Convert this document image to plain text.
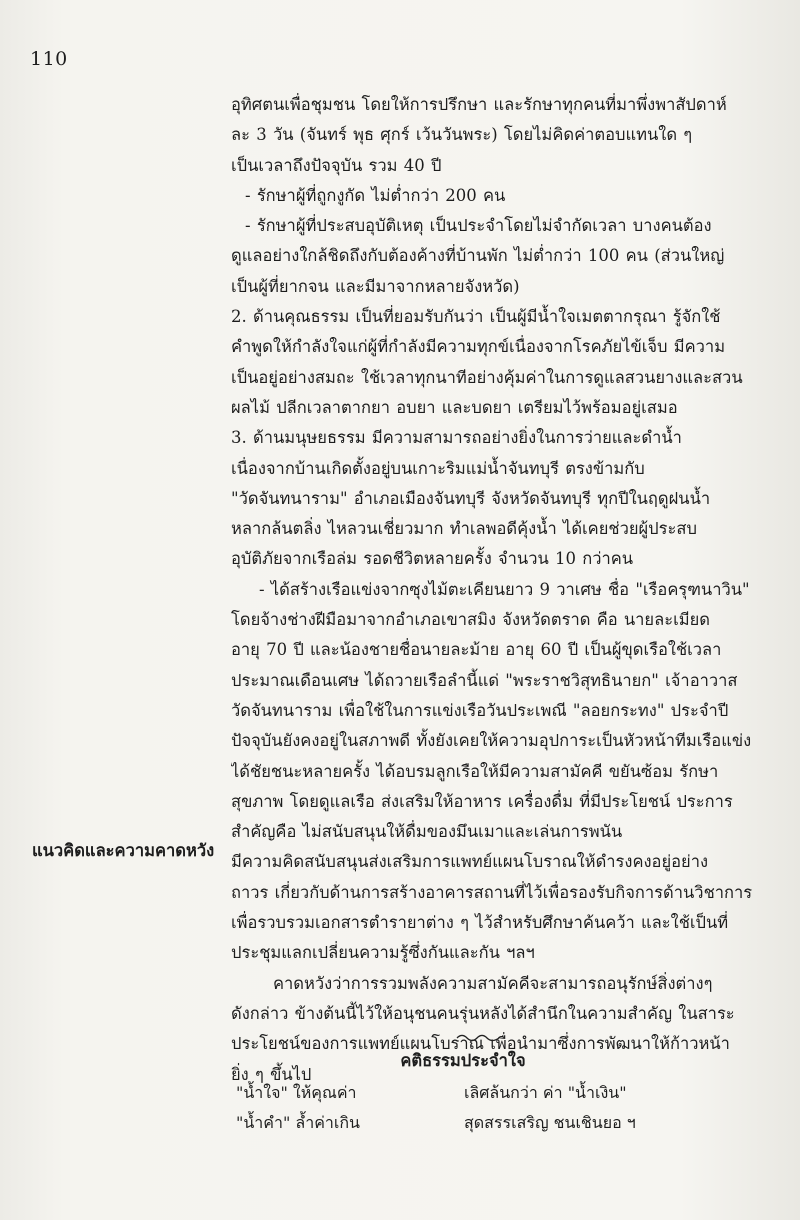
110
อุทิศตนเพื่อชุมชน โดยให้การปรึกษา และรักษาทุกคนที่มาพึ่งพาสัปดาห์
ละ 3 วัน (จันทร์ พุธ ศุกร์ เว้นวันพระ) โดยไม่คิดค่าตอบแทนใด ๆ
เป็นเวลาถึงปัจจุบัน รวม 40 ปี
- รักษาผู้ที่ถูกงูกัด ไม่ต่ำกว่า 200 คน
- รักษาผู้ที่ประสบอุบัติเหตุ เป็นประจำโดยไม่จำกัดเวลา บางคนต้อง
ดูแลอย่างใกล้ชิดถึงกับต้องค้างที่บ้านพัก ไม่ต่ำกว่า 100 คน (ส่วนใหญ่
เป็นผู้ที่ยากจน และมีมาจากหลายจังหวัด)
2. ด้านคุณธรรม เป็นที่ยอมรับกันว่า เป็นผู้มีน้ำใจเมตตากรุณา รู้จักใช้
คำพูดให้กำลังใจแก่ผู้ที่กำลังมีความทุกข์เนื่องจากโรคภัยไข้เจ็บ มีความ
เป็นอยู่อย่างสมถะ ใช้เวลาทุกนาทีอย่างคุ้มค่าในการดูแลสวนยางและสวน
ผลไม้ ปลีกเวลาตากยา อบยา และบดยา เตรียมไว้พร้อมอยู่เสมอ
3. ด้านมนุษยธรรม มีความสามารถอย่างยิ่งในการว่ายและดำน้ำ
เนื่องจากบ้านเกิดตั้งอยู่บนเกาะริมแม่น้ำจันทบุรี ตรงข้ามกับ
"วัดจันทนาราม" อำเภอเมืองจันทบุรี จังหวัดจันทบุรี ทุกปีในฤดูฝนน้ำ
หลากล้นตลิ่ง ไหลวนเชี่ยวมาก ทำเลพอดีคุ้งน้ำ ได้เคยช่วยผู้ประสบ
อุบัติภัยจากเรือล่ม รอดชีวิตหลายครั้ง จำนวน 10 กว่าคน
- ได้สร้างเรือแข่งจากซุงไม้ตะเคียนยาว 9 วาเศษ ชื่อ "เรือครุฑนาวิน"
โดยจ้างช่างฝีมือมาจากอำเภอเขาสมิง จังหวัดตราด คือ นายละเมียด
อายุ 70 ปี และน้องชายชื่อนายละม้าย อายุ 60 ปี เป็นผู้ขุดเรือใช้เวลา
ประมาณเดือนเศษ ได้ถวายเรือลำนี้แด่ "พระราชวิสุทธินายก" เจ้าอาวาส
วัดจันทนาราม เพื่อใช้ในการแข่งเรือวันประเพณี "ลอยกระทง" ประจำปี
ปัจจุบันยังคงอยู่ในสภาพดี ทั้งยังเคยให้ความอุปการะเป็นหัวหน้าทีมเรือแข่ง
ได้ชัยชนะหลายครั้ง ได้อบรมลูกเรือให้มีความสามัคคี ขยันซ้อม รักษา
สุขภาพ โดยดูแลเรือ ส่งเสริมให้อาหาร เครื่องดื่ม ที่มีประโยชน์ ประการ
สำคัญคือ ไม่สนับสนุนให้ดื่มของมึนเมาและเล่นการพนัน
มีความคิดสนับสนุนส่งเสริมการแพทย์แผนโบราณให้ดำรงคงอยู่อย่าง
ถาวร เกี่ยวกับด้านการสร้างอาคารสถานที่ไว้เพื่อรองรับกิจการด้านวิชาการ
เพื่อรวบรวมเอกสารตำรายาต่าง ๆ ไว้สำหรับศึกษาค้นคว้า และใช้เป็นที่
ประชุมแลกเปลี่ยนความรู้ซึ่งกันและกัน ฯลฯ
คาดหวังว่าการรวมพลังความสามัคคีจะสามารถอนุรักษ์สิ่งต่างๆ
ดังกล่าว ข้างต้นนี้ไว้ให้อนุชนคนรุ่นหลังได้สำนึกในความสำคัญ ในสาระ
ประโยชน์ของการแพทย์แผนโบราณ เพื่อนำมาซึ่งการพัฒนาให้ก้าวหน้า
ยิ่ง ๆ ขึ้นไป
แนวคิดและความคาดหวัง
คติธรรมประจำใจ
"น้ำใจ" ให้คุณค่า	เลิศล้นกว่า ค่า "น้ำเงิน"
"น้ำคำ" ล้ำค่าเกิน	สุดสรรเสริญ ชนเชินยอ ฯ
